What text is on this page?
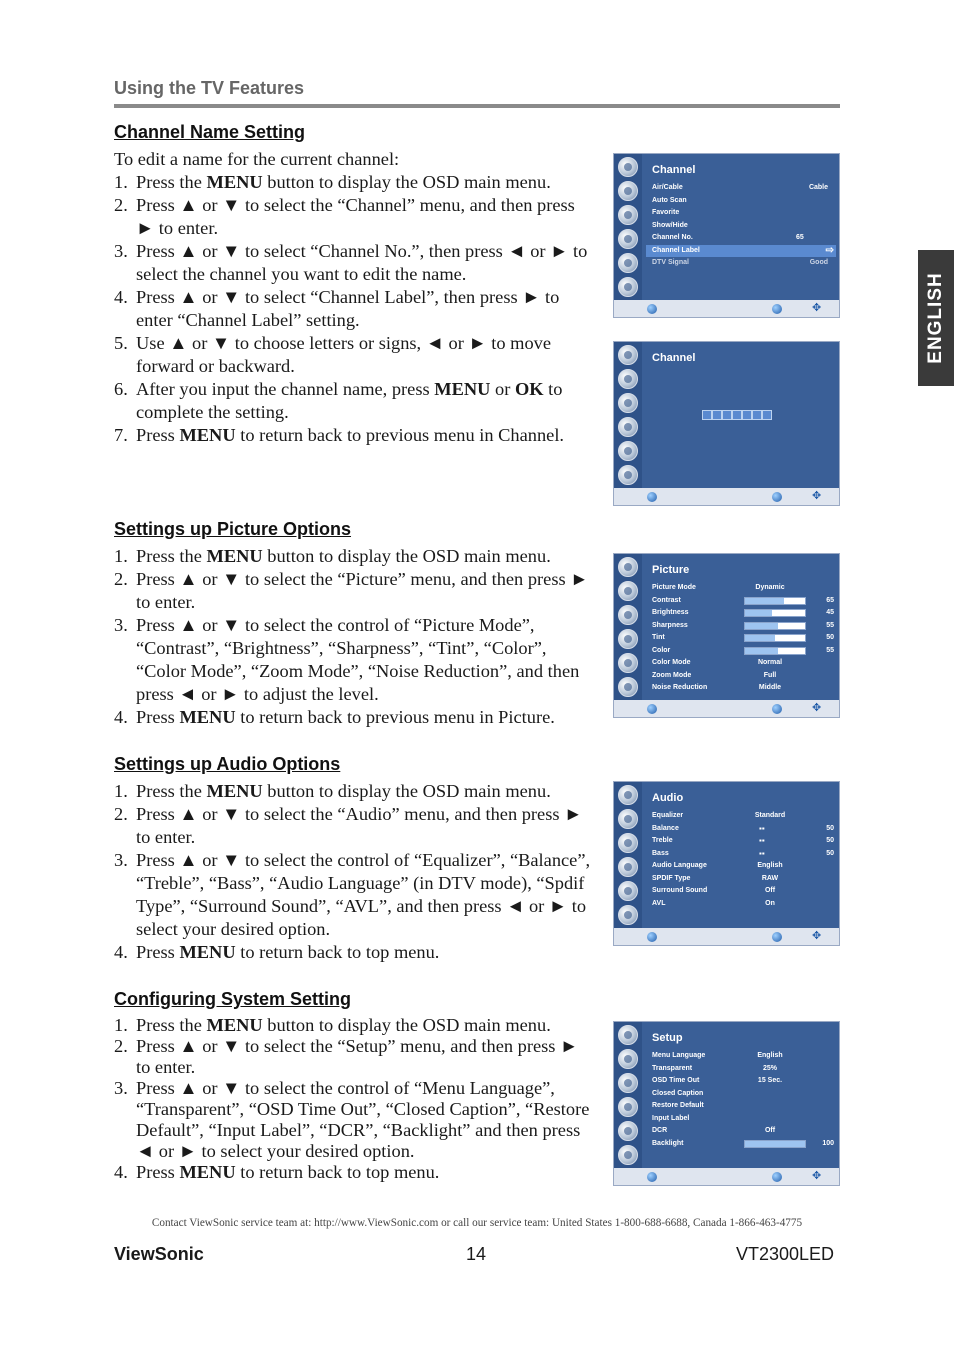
Using the TV Features
ENGLISH
Channel Name Setting
To edit a name for the current channel:
1. Press the MENU button to display the OSD main menu.
2. Press ▲ or ▼ to select the “Channel” menu, and then press ► to enter.
3. Press ▲ or ▼ to select “Channel No.”, then press ◄ or ► to select the channel you want to edit the name.
4. Press ▲ or ▼ to select “Channel Label”, then press ► to enter “Channel Label” setting.
5. Use ▲ or ▼ to choose letters or signs, ◄ or ► to move forward or backward.
6. After you input the channel name, press MENU or OK to complete the setting.
7. Press MENU to return back to previous menu in Channel.
Settings up Picture Options
1. Press the MENU button to display the OSD main menu.
2. Press ▲ or ▼ to select the “Picture” menu, and then press ► to enter.
3. Press ▲ or ▼ to select the control of “Picture Mode”, “Contrast”, “Brightness”, “Sharpness”, “Tint”, “Color”, “Color Mode”, “Zoom Mode”, “Noise Reduction”, and then press ◄ or ► to adjust the level.
4. Press MENU to return back to previous menu in Picture.
Settings up Audio Options
1. Press the MENU button to display the OSD main menu.
2. Press ▲ or ▼ to select the “Audio” menu, and then press ► to enter.
3. Press ▲ or ▼ to select the control of “Equalizer”, “Balance”, “Treble”, “Bass”, “Audio Language” (in DTV mode), “Spdif Type”, “Surround Sound”, “AVL”, and then press ◄ or ► to select your desired option.
4. Press MENU to return back to top menu.
Configuring System Setting
1. Press the MENU button to display the OSD main menu.
2. Press ▲ or ▼ to select the “Setup” menu, and then press ► to enter.
3. Press ▲ or ▼ to select the control of “Menu Language”, “Transparent”, “OSD Time Out”, “Closed Caption”, “Restore Default”, “Input Label”, “DCR”, “Backlight” and then press ◄ or ► to select your desired option.
4. Press MENU to return back to top menu.
Channel
Air/Cable	Cable
Auto Scan
Favorite
Show/Hide
Channel No.	65
Channel Label	⇨
DTV Signal	Good
✥
Channel
✥
Picture
Picture Mode	Dynamic
Contrast	65
Brightness	45
Sharpness	55
Tint	50
Color	55
Color Mode	Normal
Zoom Mode	Full
Noise Reduction	Middle
✥
Audio
Equalizer	Standard
Balance	▪▪	50
Treble	▪▪	50
Bass	▪▪	50
Audio Language	English
SPDIF Type	RAW
Surround Sound	Off
AVL	On
✥
Setup
Menu Language	English
Transparent	25%
OSD Time Out	15 Sec.
Closed Caption
Restore Default
Input Label
DCR	Off
Backlight	100
✥
Contact ViewSonic service team at: http://www.ViewSonic.com or call our service team: United States 1-800-688-6688, Canada 1-866-463-4775
ViewSonic	14	VT2300LED
